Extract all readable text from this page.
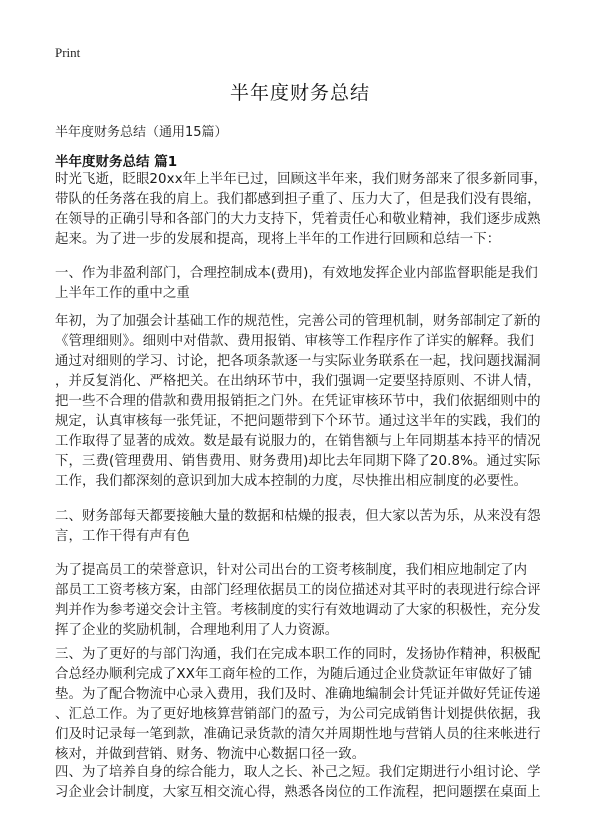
Print
半年度财务总结
半年度财务总结（通用15篇）
半年度财务总结 篇1
时光飞逝，眨眼20xx年上半年已过，回顾这半年来，我们财务部来了很多新同事，
带队的任务落在我的肩上。我们都感到担子重了、压力大了，但是我们没有畏缩，
在领导的正确引导和各部门的大力支持下，凭着责任心和敬业精神，我们逐步成熟
起来。为了进一步的发展和提高，现将上半年的工作进行回顾和总结一下：
一、作为非盈利部门，合理控制成本(费用)，有效地发挥企业内部监督职能是我们
上半年工作的重中之重
年初，为了加强会计基础工作的规范性，完善公司的管理机制，财务部制定了新的
《管理细则》。细则中对借款、费用报销、审核等工作程序作了详实的解释。我们
通过对细则的学习、讨论，把各项条款逐一与实际业务联系在一起，找问题找漏洞
，并反复消化、严格把关。在出纳环节中，我们强调一定要坚持原则、不讲人情，
把一些不合理的借款和费用报销拒之门外。在凭证审核环节中，我们依据细则中的
规定，认真审核每一张凭证，不把问题带到下个环节。通过这半年的实践，我们的
工作取得了显著的成效。数是最有说服力的，在销售额与上年同期基本持平的情况
下，三费(管理费用、销售费用、财务费用)却比去年同期下降了20.8%。通过实际
工作，我们都深刻的意识到加大成本控制的力度，尽快推出相应制度的必要性。
二、财务部每天都要接触大量的数据和枯燥的报表，但大家以苦为乐，从来没有怨
言，工作干得有声有色
为了提高员工的荣誉意识，针对公司出台的工资考核制度，我们相应地制定了内
部员工工资考核方案，由部门经理依据员工的岗位描述对其平时的表现进行综合评
判并作为参考递交会计主管。考核制度的实行有效地调动了大家的积极性，充分发
挥了企业的奖励机制，合理地利用了人力资源。
三、为了更好的与部门沟通，我们在完成本职工作的同时，发扬协作精神，积极配
合总经办顺利完成了XX年工商年检的工作，为随后通过企业贷款证年审做好了铺
垫。为了配合物流中心录入费用，我们及时、准确地编制会计凭证并做好凭证传递
、汇总工作。为了更好地核算营销部门的盈亏，为公司完成销售计划提供依据，我
们及时记录每一笔到款，准确记录货款的清欠并周期性地与营销人员的往来帐进行
核对，并做到营销、财务、物流中心数据口径一致。
四、为了培养自身的综合能力，取人之长、补己之短。我们定期进行小组讨论、学
习企业会计制度，大家互相交流心得，熟悉各岗位的工作流程，把问题摆在桌面上
